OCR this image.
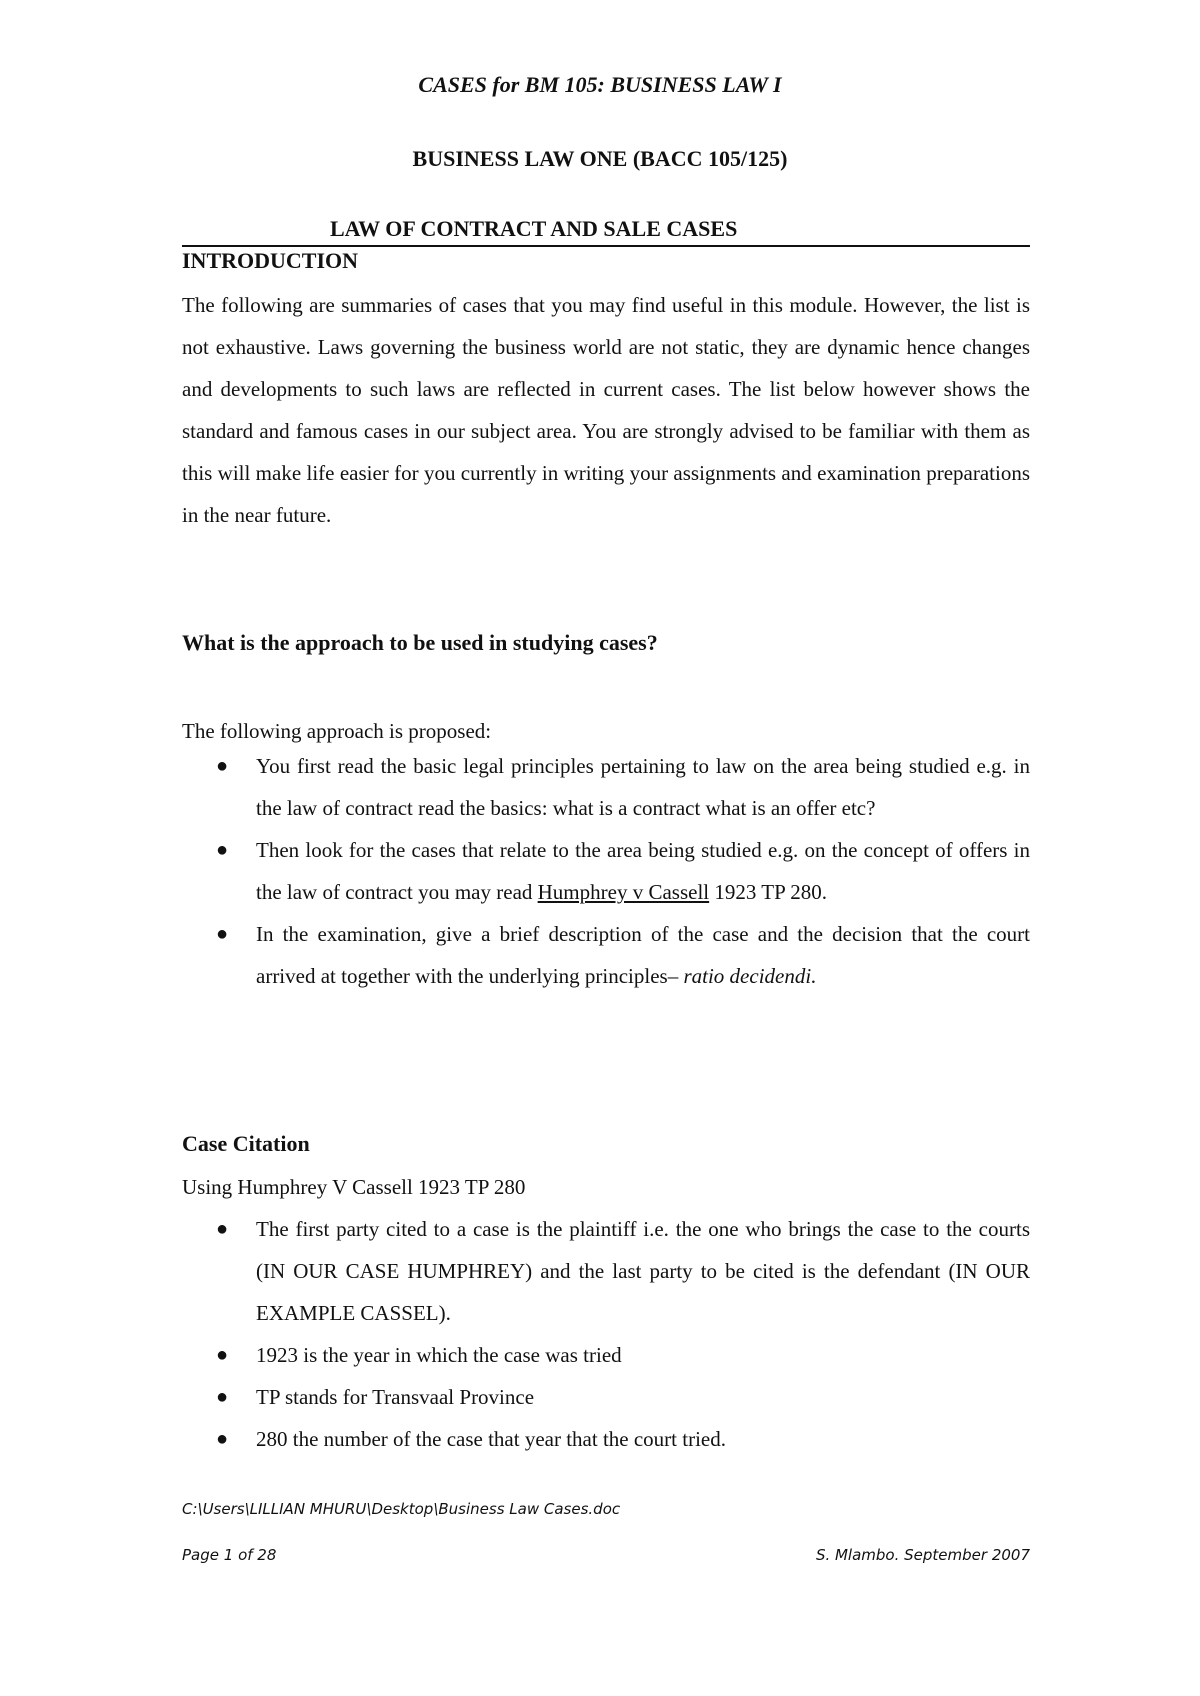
CASES for BM 105: BUSINESS LAW I

BUSINESS LAW ONE (BACC 105/125)

LAW OF CONTRACT AND SALE CASES

INTRODUCTION

The following are summaries of cases that you may find useful in this module. However, the list is not exhaustive. Laws governing the business world are not static, they are dynamic hence changes and developments to such laws are reflected in current cases. The list below however shows the standard and famous cases in our subject area. You are strongly advised to be familiar with them as this will make life easier for you currently in writing your assignments and examination preparations in the near future.

What is the approach to be used in studying cases?

The following approach is proposed:

● You first read the basic legal principles pertaining to law on the area being studied e.g. in the law of contract read the basics: what is a contract what is an offer etc?
● Then look for the cases that relate to the area being studied e.g. on the concept of offers in the law of contract you may read Humphrey v Cassell 1923 TP 280.
● In the examination, give a brief description of the case and the decision that the court arrived at together with the underlying principles– ratio decidendi.

Case Citation

Using Humphrey V Cassell 1923 TP 280

● The first party cited to a case is the plaintiff i.e. the one who brings the case to the courts (IN OUR CASE HUMPHREY) and the last party to be cited is the defendant (IN OUR EXAMPLE CASSEL).
● 1923 is the year in which the case was tried
● TP stands for Transvaal Province
● 280 the number of the case that year that the court tried.

C:\Users\LILLIAN MHURU\Desktop\Business Law Cases.doc

Page 1 of 28	S. Mlambo. September 2007
